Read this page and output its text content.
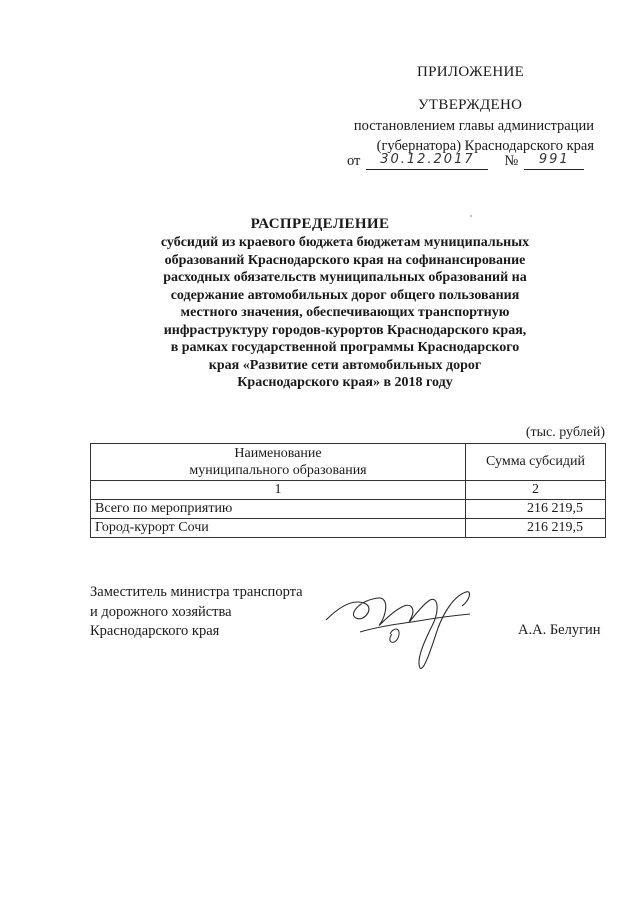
ПРИЛОЖЕНИЕ
УТВЕРЖДЕНО
постановлением главы администрации
(губернатора) Краснодарского края
от	30.12.2017	№	991
РАСПРЕДЕЛЕНИЕ
субсидий из краевого бюджета бюджетам муниципальных
образований Краснодарского края на софинансирование
расходных обязательств муниципальных образований на
содержание автомобильных дорог общего пользования
местного значения, обеспечивающих транспортную
инфраструктуру городов-курортов Краснодарского края,
в рамках государственной программы Краснодарского
края «Развитие сети автомобильных дорог
Краснодарского края» в 2018 году
(тыс. рублей)
Наименование
муниципального образования	Сумма субсидий
1	2
Всего по мероприятию	216 219,5
Город-курорт Сочи	216 219,5
Заместитель министра транспорта
и дорожного хозяйства
Краснодарского края	А.А. Белугин
